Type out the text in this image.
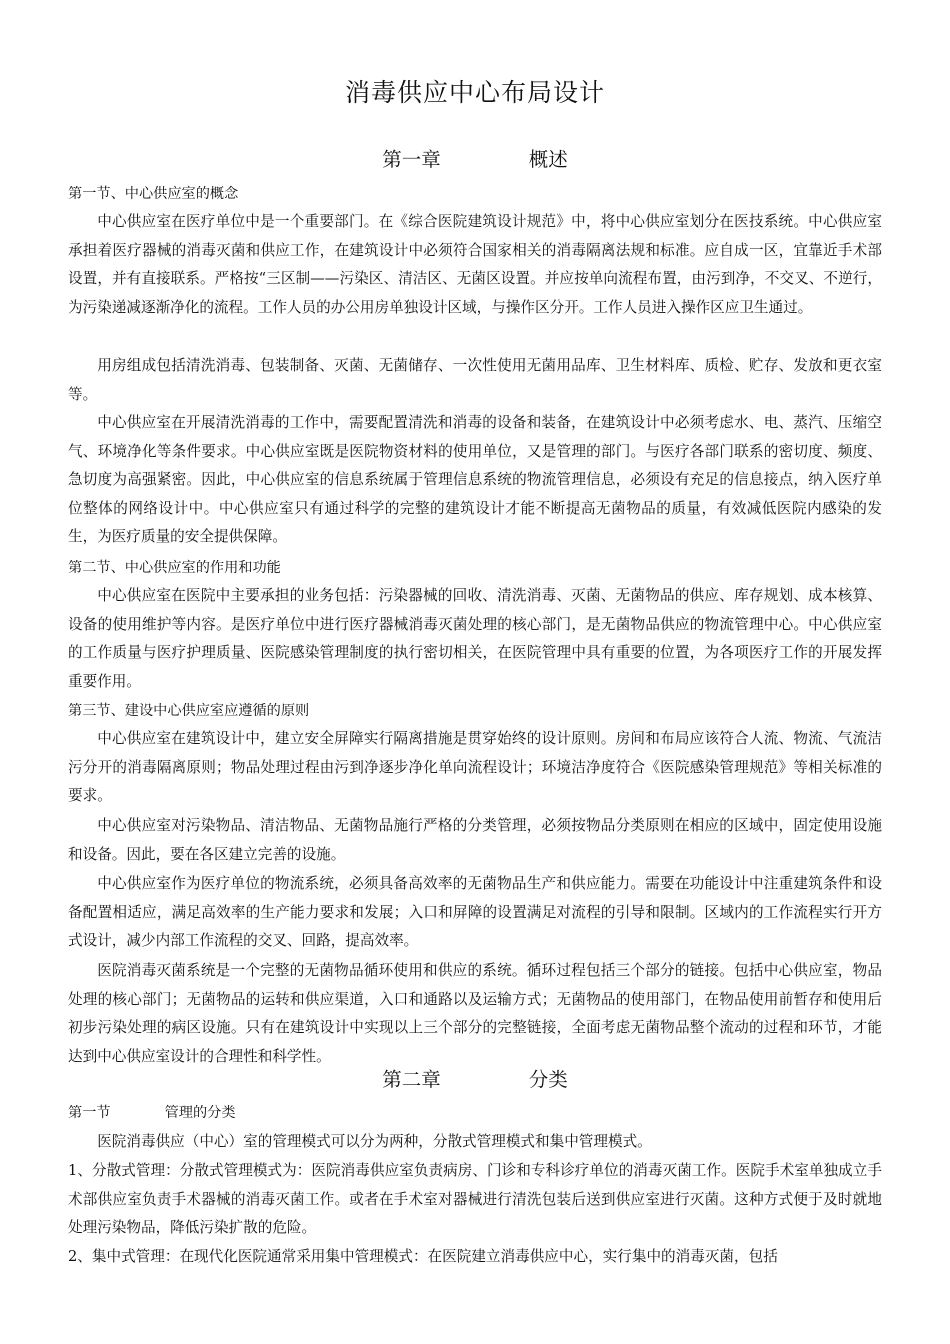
消毒供应中心布局设计
第一章	概述
第一节、中心供应室的概念
中心供应室在医疗单位中是一个重要部门。在《综合医院建筑设计规范》中，将中心供应室划分在医技系统。中心供应室承担着医疗器械的消毒灭菌和供应工作，在建筑设计中必须符合国家相关的消毒隔离法规和标准。应自成一区，宜靠近手术部设置，并有直接联系。严格按“三区制——污染区、清洁区、无菌区设置。并应按单向流程布置，由污到净，不交叉、不逆行，为污染递减逐渐净化的流程。工作人员的办公用房单独设计区域，与操作区分开。工作人员进入操作区应卫生通过。
用房组成包括清洗消毒、包装制备、灭菌、无菌储存、一次性使用无菌用品库、卫生材料库、质检、贮存、发放和更衣室等。
中心供应室在开展清洗消毒的工作中，需要配置清洗和消毒的设备和装备，在建筑设计中必须考虑水、电、蒸汽、压缩空气、环境净化等条件要求。中心供应室既是医院物资材料的使用单位，又是管理的部门。与医疗各部门联系的密切度、频度、急切度为高强紧密。因此，中心供应室的信息系统属于管理信息系统的物流管理信息，必须设有充足的信息接点，纳入医疗单位整体的网络设计中。中心供应室只有通过科学的完整的建筑设计才能不断提高无菌物品的质量，有效减低医院内感染的发生，为医疗质量的安全提供保障。
第二节、中心供应室的作用和功能
中心供应室在医院中主要承担的业务包括：污染器械的回收、清洗消毒、灭菌、无菌物品的供应、库存规划、成本核算、设备的使用维护等内容。是医疗单位中进行医疗器械消毒灭菌处理的核心部门，是无菌物品供应的物流管理中心。中心供应室的工作质量与医疗护理质量、医院感染管理制度的执行密切相关，在医院管理中具有重要的位置，为各项医疗工作的开展发挥重要作用。
第三节、建设中心供应室应遵循的原则
中心供应室在建筑设计中，建立安全屏障实行隔离措施是贯穿始终的设计原则。房间和布局应该符合人流、物流、气流洁污分开的消毒隔离原则；物品处理过程由污到净逐步净化单向流程设计；环境洁净度符合《医院感染管理规范》等相关标准的要求。
中心供应室对污染物品、清洁物品、无菌物品施行严格的分类管理，必须按物品分类原则在相应的区域中，固定使用设施和设备。因此，要在各区建立完善的设施。
中心供应室作为医疗单位的物流系统，必须具备高效率的无菌物品生产和供应能力。需要在功能设计中注重建筑条件和设备配置相适应，满足高效率的生产能力要求和发展；入口和屏障的设置满足对流程的引导和限制。区域内的工作流程实行开方式设计，减少内部工作流程的交叉、回路，提高效率。
医院消毒灭菌系统是一个完整的无菌物品循环使用和供应的系统。循环过程包括三个部分的链接。包括中心供应室，物品处理的核心部门；无菌物品的运转和供应渠道，入口和通路以及运输方式；无菌物品的使用部门，在物品使用前暂存和使用后初步污染处理的病区设施。只有在建筑设计中实现以上三个部分的完整链接，全面考虑无菌物品整个流动的过程和环节，才能达到中心供应室设计的合理性和科学性。
第二章	分类
第一节	管理的分类
医院消毒供应（中心）室的管理模式可以分为两种，分散式管理模式和集中管理模式。
1、分散式管理：分散式管理模式为：医院消毒供应室负责病房、门诊和专科诊疗单位的消毒灭菌工作。医院手术室单独成立手术部供应室负责手术器械的消毒灭菌工作。或者在手术室对器械进行清洗包装后送到供应室进行灭菌。这种方式便于及时就地处理污染物品，降低污染扩散的危险。
2、集中式管理：在现代化医院通常采用集中管理模式：在医院建立消毒供应中心，实行集中的消毒灭菌，包括
